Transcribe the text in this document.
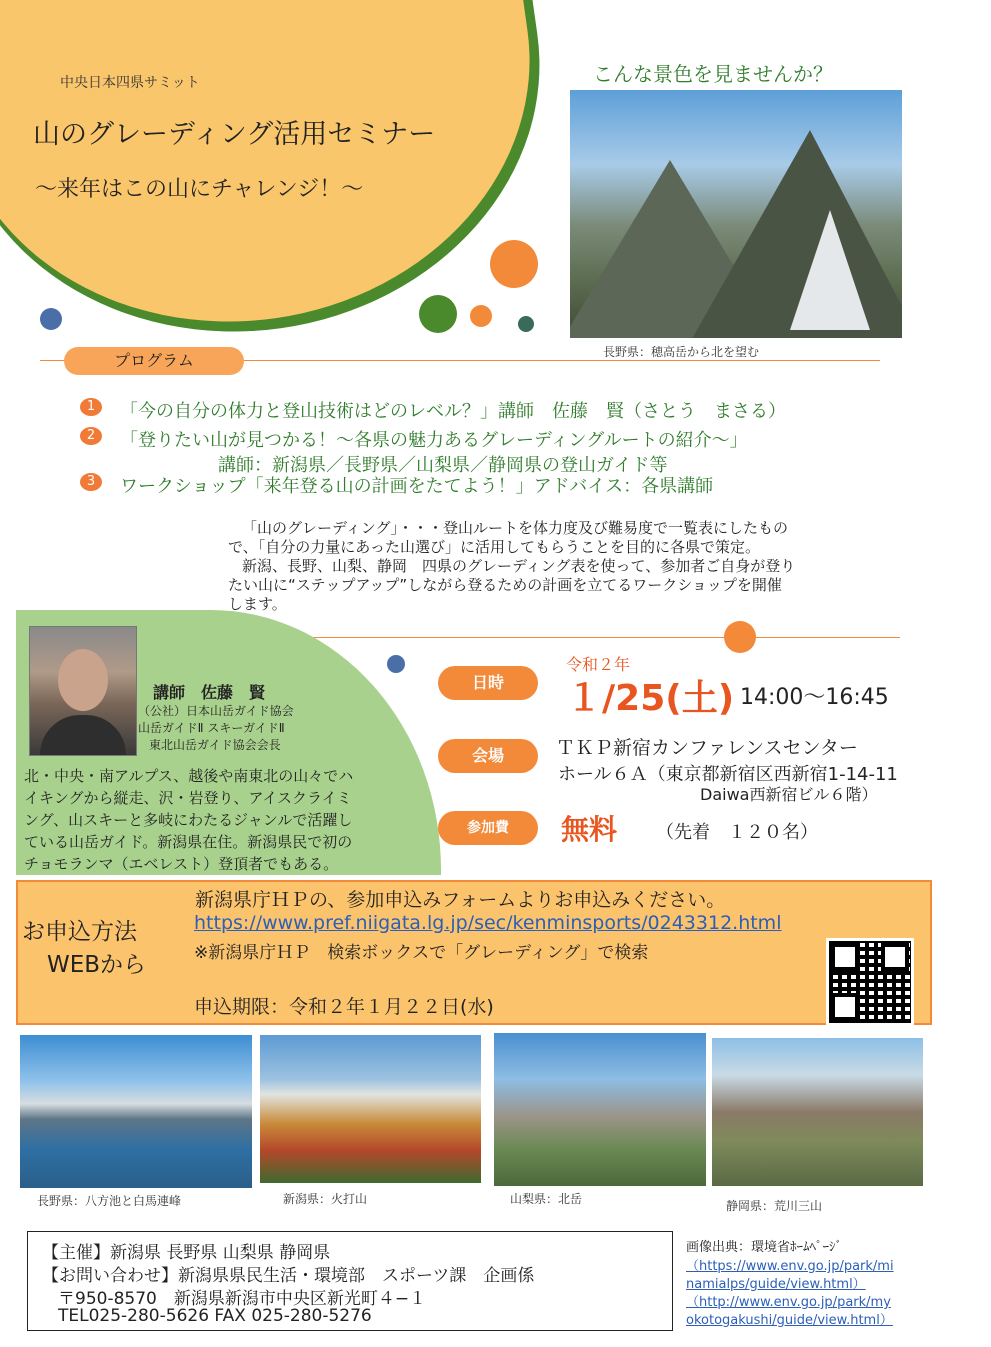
中央日本四県サミット
山のグレーディング活用セミナー
〜来年はこの山にチャレンジ！〜
こんな景色を見ませんか？
長野県：穂高岳から北を望む
プログラム
1	「今の自分の体力と登山技術はどのレベル？」講師　佐藤　賢（さとう　まさる）
2	「登りたい山が見つかる！〜各県の魅力あるグレーディングルートの紹介〜」
講師：新潟県／長野県／山梨県／静岡県の登山ガイド等
3	ワークショップ「来年登る山の計画をたてよう！」アドバイス：各県講師
「山のグレーディング」・・・登山ルートを体力度及び難易度で一覧表にしたもの
で、「自分の力量にあった山選び」に活用してもらうことを目的に各県で策定。
新潟、長野、山梨、静岡　四県のグレーディング表を使って、参加者ご自身が登り
たい山に“ステップアップ”しながら登るための計画を立てるワークショップを開催
します。
講師　佐藤　賢
（公社）日本山岳ガイド協会
山岳ガイドⅡ スキーガイドⅡ
東北山岳ガイド協会会長
北・中央・南アルプス、越後や南東北の山々でハ
イキングから縦走、沢・岩登り、アイスクライミ
ング、山スキーと多岐にわたるジャンルで活躍し
ている山岳ガイド。新潟県在住。新潟県民で初の
チョモランマ（エベレスト）登頂者でもある。
日時
令和２年
１/25(土) 14:00〜16:45
会場	ＴＫＰ新宿カンファレンスセンター
ホール６Ａ（東京都新宿区西新宿1-14-11
Daiwa西新宿ビル６階）
参加費	無料 （先着　１２０名）
お申込方法
WEBから
新潟県庁ＨＰの、参加申込みフォームよりお申込みください。
https://www.pref.niigata.lg.jp/sec/kenminsports/0243312.html
※新潟県庁ＨＰ　検索ボックスで「グレーディング」で検索
申込期限：令和２年１月２２日(水)
長野県：八方池と白馬連峰	新潟県：火打山	山梨県：北岳	静岡県：荒川三山
【主催】新潟県 長野県 山梨県 静岡県
【お問い合わせ】新潟県県民生活・環境部　スポーツ課　企画係
〒950-8570　新潟県新潟市中央区新光町４−１
TEL025-280-5626 FAX 025-280-5276
画像出典：環境省ﾎｰﾑﾍﾟｰｼﾞ
（https://www.env.go.jp/park/mi
namialps/guide/view.html）
（http://www.env.go.jp/park/my
okotogakushi/guide/view.html）
